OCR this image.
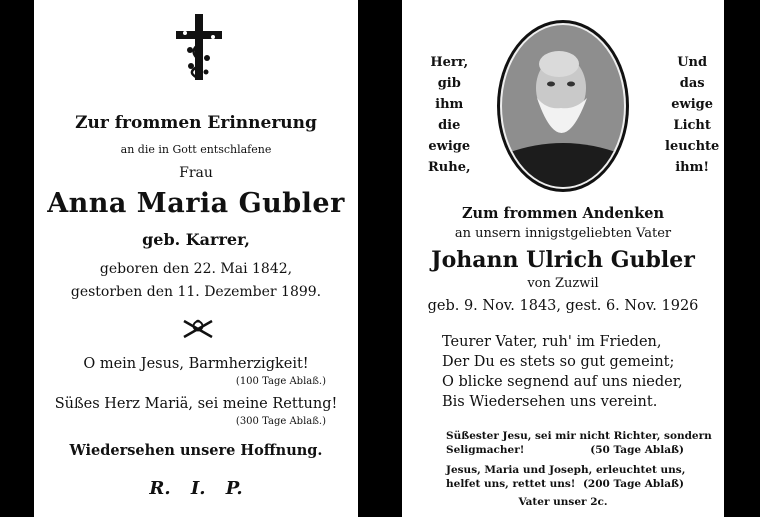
Zur frommen Erinnerung
an die in Gott entschlafene
Frau
Anna Maria Gubler
geb. Karrer,
geboren den 22. Mai 1842,
gestorben den 11. Dezember 1899.
O mein Jesus, Barmherzigkeit!
(100 Tage Ablaß.)
Süßes Herz Mariä, sei meine Rettung!
(300 Tage Ablaß.)
Wiedersehen unsere Hoffnung.
R. I. P.
Herr,
gib
ihm
die
ewige
Ruhe,
Und
das
ewige
Licht
leuchte
ihm!
Zum frommen Andenken
an unsern innigstgeliebten Vater
Johann Ulrich Gubler
von Zuzwil
geb. 9. Nov. 1843, gest. 6. Nov. 1926
Teurer Vater, ruh' im Frieden,
Der Du es stets so gut gemeint;
O blicke segnend auf uns nieder,
Bis Wiedersehen uns vereint.
Süßester Jesu, sei mir nicht Richter, sondern
Seligmacher!	(50 Tage Ablaß)
Jesus, Maria und Joseph, erleuchtet uns,
helfet uns, rettet uns! (200 Tage Ablaß)
Vater unser 2c.
